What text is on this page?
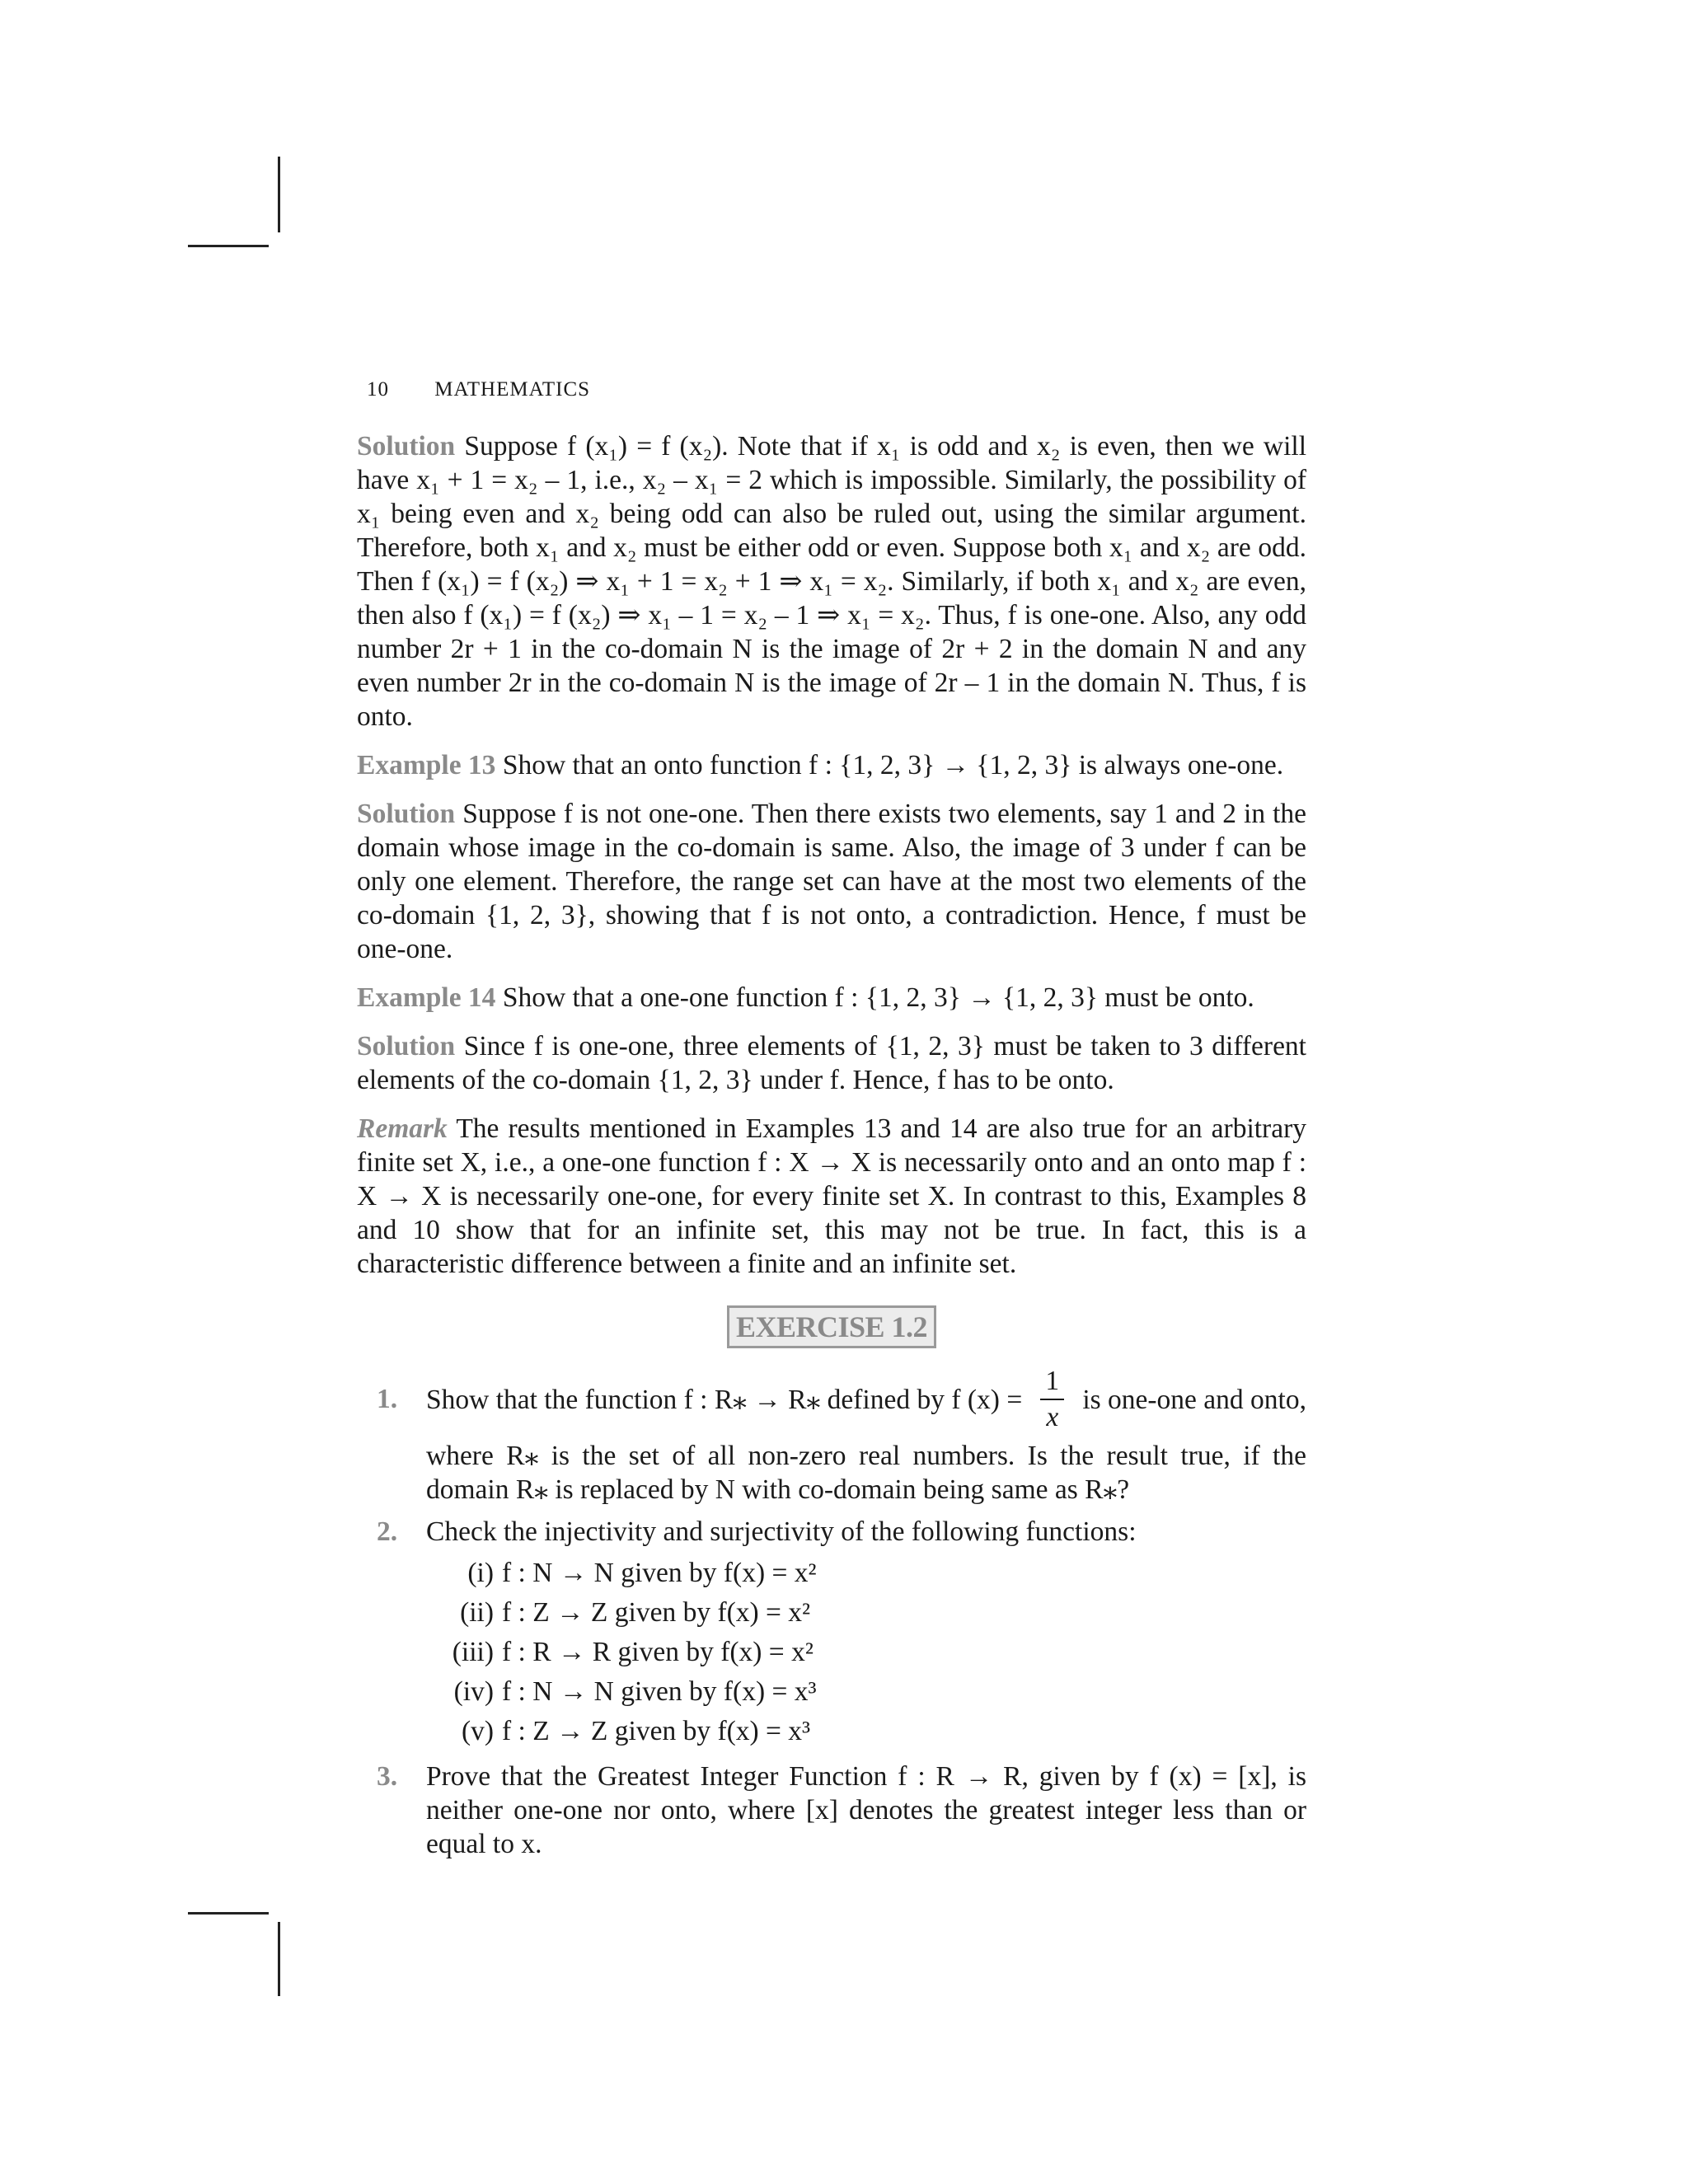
10 MATHEMATICS

Solution Suppose f (x₁) = f (x₂). Note that if x₁ is odd and x₂ is even, then we will have x₁ + 1 = x₂ – 1, i.e., x₂ – x₁ = 2 which is impossible. Similarly, the possibility of x₁ being even and x₂ being odd can also be ruled out, using the similar argument. Therefore, both x₁ and x₂ must be either odd or even. Suppose both x₁ and x₂ are odd. Then f (x₁) = f (x₂) ⇒ x₁ + 1 = x₂ + 1 ⇒ x₁ = x₂. Similarly, if both x₁ and x₂ are even, then also f (x₁) = f (x₂) ⇒ x₁ – 1 = x₂ – 1 ⇒ x₁ = x₂. Thus, f is one-one. Also, any odd number 2r + 1 in the co-domain N is the image of 2r + 2 in the domain N and any even number 2r in the co-domain N is the image of 2r – 1 in the domain N. Thus, f is onto.

Example 13 Show that an onto function f : {1, 2, 3} → {1, 2, 3} is always one-one.

Solution Suppose f is not one-one. Then there exists two elements, say 1 and 2 in the domain whose image in the co-domain is same. Also, the image of 3 under f can be only one element. Therefore, the range set can have at the most two elements of the co-domain {1, 2, 3}, showing that f is not onto, a contradiction. Hence, f must be one-one.

Example 14 Show that a one-one function f : {1, 2, 3} → {1, 2, 3} must be onto.

Solution Since f is one-one, three elements of {1, 2, 3} must be taken to 3 different elements of the co-domain {1, 2, 3} under f. Hence, f has to be onto.

Remark The results mentioned in Examples 13 and 14 are also true for an arbitrary finite set X, i.e., a one-one function f : X → X is necessarily onto and an onto map f : X → X is necessarily one-one, for every finite set X. In contrast to this, Examples 8 and 10 show that for an infinite set, this may not be true. In fact, this is a characteristic difference between a finite and an infinite set.

EXERCISE 1.2
1. Show that the function f : R⁎ → R⁎ defined by f $(x) = \frac{1}{x}$ is one-one and onto,
where R⁎ is the set of all non-zero real numbers. Is the result true, if the domain R⁎ is replaced by N with co-domain being same as R⁎?
2. Check the injectivity and surjectivity of the following functions:
(i) f : N → N given by f(x) = x²
(ii) f : Z → Z given by f(x) = x²
(iii) f : R → R given by f(x) = x²
(iv) f : N → N given by f(x) = x³
(v) f : Z → Z given by f(x) = x³
3. Prove that the Greatest Integer Function f : R → R, given by f (x) = [x], is neither one-one nor onto, where [x] denotes the greatest integer less than or equal to x.
